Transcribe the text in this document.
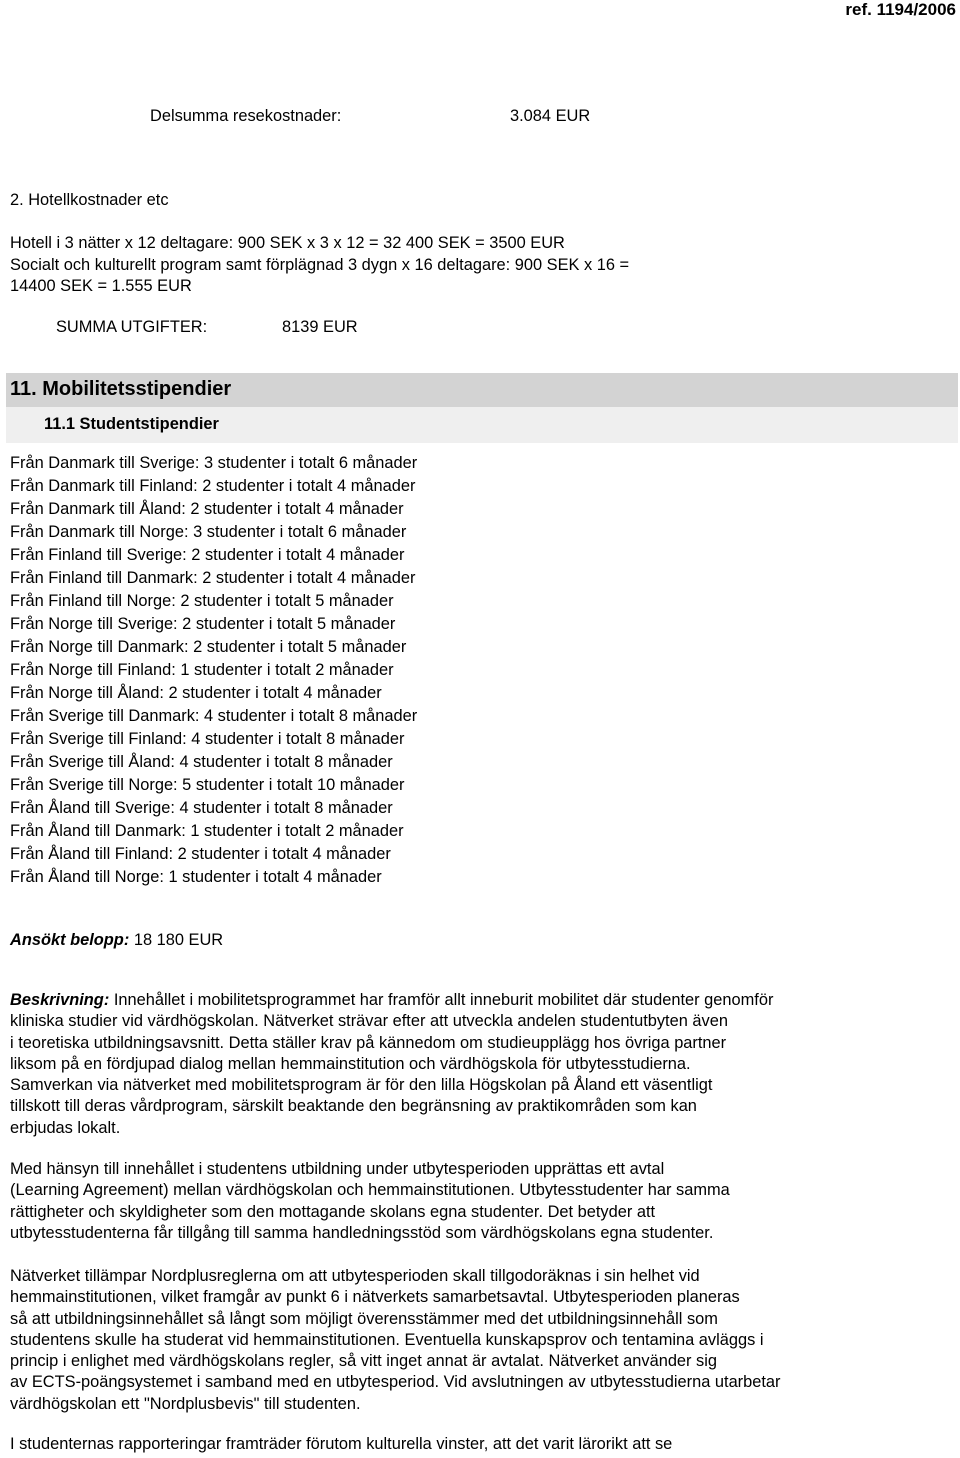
ref. 1194/2006
Delsumma resekostnader:	3.084 EUR
2. Hotellkostnader etc
Hotell i 3 nätter x 12 deltagare: 900 SEK x 3 x 12 = 32 400 SEK = 3500 EUR
Socialt och kulturellt program samt förplägnad 3 dygn x 16 deltagare: 900 SEK x 16 =
14400 SEK = 1.555 EUR
SUMMA UTGIFTER:	8139 EUR
11. Mobilitetsstipendier
11.1 Studentstipendier
Från Danmark till Sverige: 3 studenter i totalt 6 månader
Från Danmark till Finland: 2 studenter i totalt 4 månader
Från Danmark till Åland: 2 studenter i totalt 4 månader
Från Danmark till Norge: 3 studenter i totalt 6 månader
Från Finland till Sverige: 2 studenter i totalt 4 månader
Från Finland till Danmark: 2 studenter i totalt 4 månader
Från Finland till Norge: 2 studenter i totalt 5 månader
Från Norge till Sverige: 2 studenter i totalt 5 månader
Från Norge till Danmark: 2 studenter i totalt 5 månader
Från Norge till Finland: 1 studenter i totalt 2 månader
Från Norge till Åland: 2 studenter i totalt 4 månader
Från Sverige till Danmark: 4 studenter i totalt 8 månader
Från Sverige till Finland: 4 studenter i totalt 8 månader
Från Sverige till Åland: 4 studenter i totalt 8 månader
Från Sverige till Norge: 5 studenter i totalt 10 månader
Från Åland till Sverige: 4 studenter i totalt 8 månader
Från Åland till Danmark: 1 studenter i totalt 2 månader
Från Åland till Finland: 2 studenter i totalt 4 månader
Från Åland till Norge: 1 studenter i totalt 4 månader
Ansökt belopp: 18 180 EUR
Beskrivning: Innehållet i mobilitetsprogrammet har framför allt inneburit mobilitet där studenter genomför
kliniska studier vid värdhögskolan. Nätverket strävar efter att utveckla andelen studentutbyten även
i teoretiska utbildningsavsnitt. Detta ställer krav på kännedom om studieupplägg hos övriga partner
liksom på en fördjupad dialog mellan hemmainstitution och värdhögskola för utbytesstudierna.
Samverkan via nätverket med mobilitetsprogram är för den lilla Högskolan på Åland ett väsentligt
tillskott till deras vårdprogram, särskilt beaktande den begränsning av praktikområden som kan
erbjudas lokalt.
Med hänsyn till innehållet i studentens utbildning under utbytesperioden upprättas ett avtal
(Learning Agreement) mellan värdhögskolan och hemmainstitutionen. Utbytesstudenter har samma
rättigheter och skyldigheter som den mottagande skolans egna studenter. Det betyder att
utbytesstudenterna får tillgång till samma handledningsstöd som värdhögskolans egna studenter.
Nätverket tillämpar Nordplusreglerna om att utbytesperioden skall tillgodoräknas i sin helhet vid
hemmainstitutionen, vilket framgår av punkt 6 i nätverkets samarbetsavtal. Utbytesperioden planeras
så att utbildningsinnehållet så långt som möjligt överensstämmer med det utbildningsinnehåll som
studentens skulle ha studerat vid hemmainstitutionen. Eventuella kunskapsprov och tentamina avläggs i
princip i enlighet med värdhögskolans regler, så vitt inget annat är avtalat. Nätverket använder sig
av ECTS-poängsystemet i samband med en utbytesperiod. Vid avslutningen av utbytesstudierna utarbetar
värdhögskolan ett "Nordplusbevis" till studenten.
I studenternas rapporteringar framträder förutom kulturella vinster, att det varit lärorikt att se
